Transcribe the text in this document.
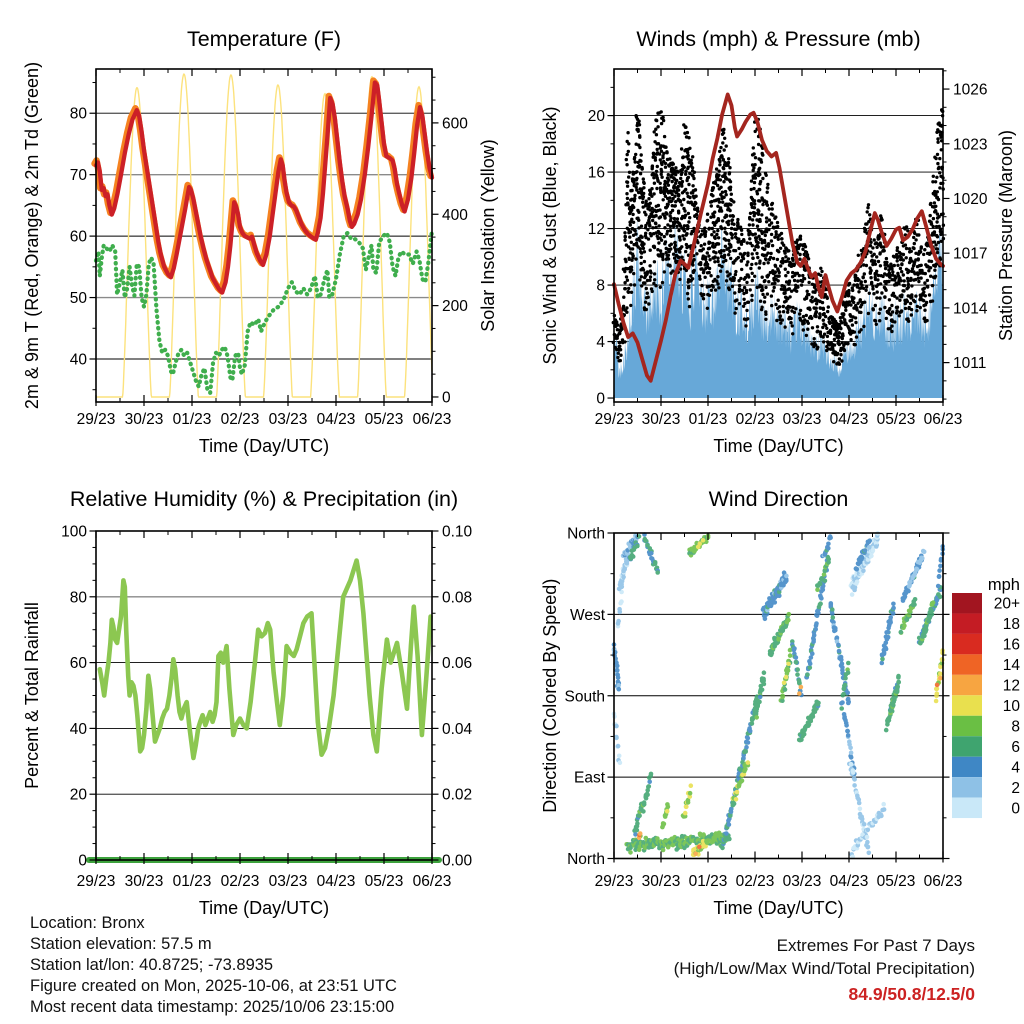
29/23 30/23 01/23 02/23 03/23 04/23 05/23 06/23
Time (Day/UTC)
40
50
60
70
80
0
200
400
600
Temperature (F)
2m & 9m T (Red, Orange) & 2m Td (Green)	Solar Insolation (Yellow)
29/23 30/23 01/23 02/23 03/23 04/23 05/23 06/23
Time (Day/UTC)
0
4
8
12
16
20
1011
1014
1017
1020
1023
1026
Winds (mph) & Pressure (mb)
Sonic Wind & Gust (Blue, Black)	Station Pressure (Maroon)
29/23 30/23 01/23 02/23 03/23 04/23 05/23 06/23
Time (Day/UTC)
0
20
40
60
80
100
0.00
0.02
0.04
0.06
0.08
0.10
Relative Humidity (%) & Precipitation (in)
Percent & Total Rainfall
29/23 30/23 01/23 02/23 03/23 04/23 05/23 06/23
Time (Day/UTC)
North
West
South
East
North
Wind Direction
Direction (Colored By Speed)	mph
20+
18
16
14
12
10
8
6
4
2
0
Location: Bronx
Station elevation: 57.5 m
Station lat/lon: 40.8725; -73.8935
Figure created on Mon, 2025-10-06, at 23:51 UTC
Most recent data timestamp: 2025/10/06 23:15:00
Extremes For Past 7 Days
(High/Low/Max Wind/Total Precipitation)
84.9/50.8/12.5/0
